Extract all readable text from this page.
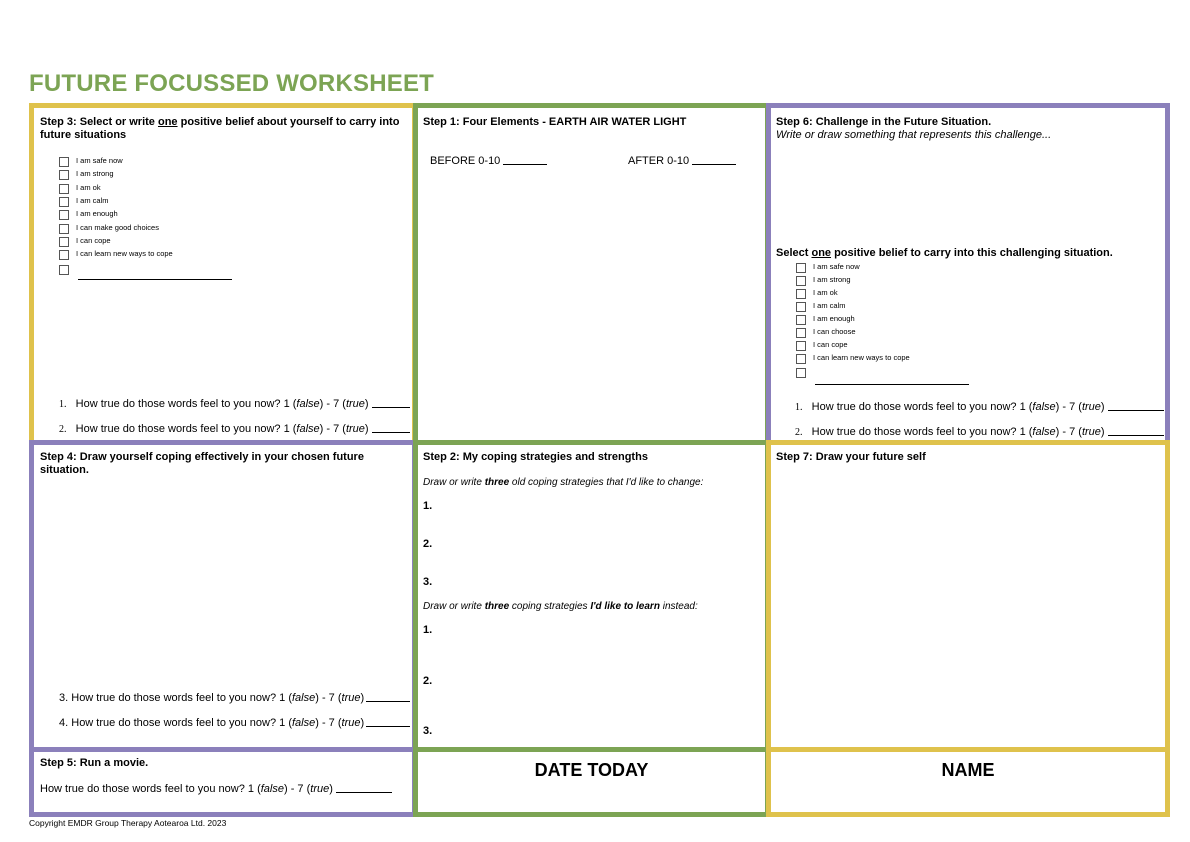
FUTURE FOCUSSED WORKSHEET
Step 3: Select or write one positive belief about yourself to carry into future situations
I am safe now
I am strong
I am ok
I am calm
I am enough
I can make good choices
I can cope
I can learn new ways to cope
1. How true do those words feel to you now? 1 (false) - 7 (true)
2. How true do those words feel to you now? 1 (false) - 7 (true)
Step 1: Four Elements - EARTH AIR WATER LIGHT
BEFORE 0-10	AFTER 0-10
Step 6: Challenge in the Future Situation.
Write or draw something that represents this challenge...
Select one positive belief to carry into this challenging situation.
I am safe now
I am strong
I am ok
I am calm
I am enough
I can choose
I can cope
I can learn new ways to cope
1. How true do those words feel to you now? 1 (false) - 7 (true)
2. How true do those words feel to you now? 1 (false) - 7 (true)
Step 4: Draw yourself coping effectively in your chosen future situation.
3. How true do those words feel to you now? 1 (false) - 7 (true)
4. How true do those words feel to you now? 1 (false) - 7 (true)
Step 2: My coping strategies and strengths
Draw or write three old coping strategies that I'd like to change:
1.
2.
3.
Draw or write three coping strategies I'd like to learn instead:
1.
2.
3.
Step 7: Draw your future self
Step 5: Run a movie.
How true do those words feel to you now? 1 (false) - 7 (true)
DATE TODAY	NAME
Copyright EMDR Group Therapy Aotearoa Ltd. 2023
